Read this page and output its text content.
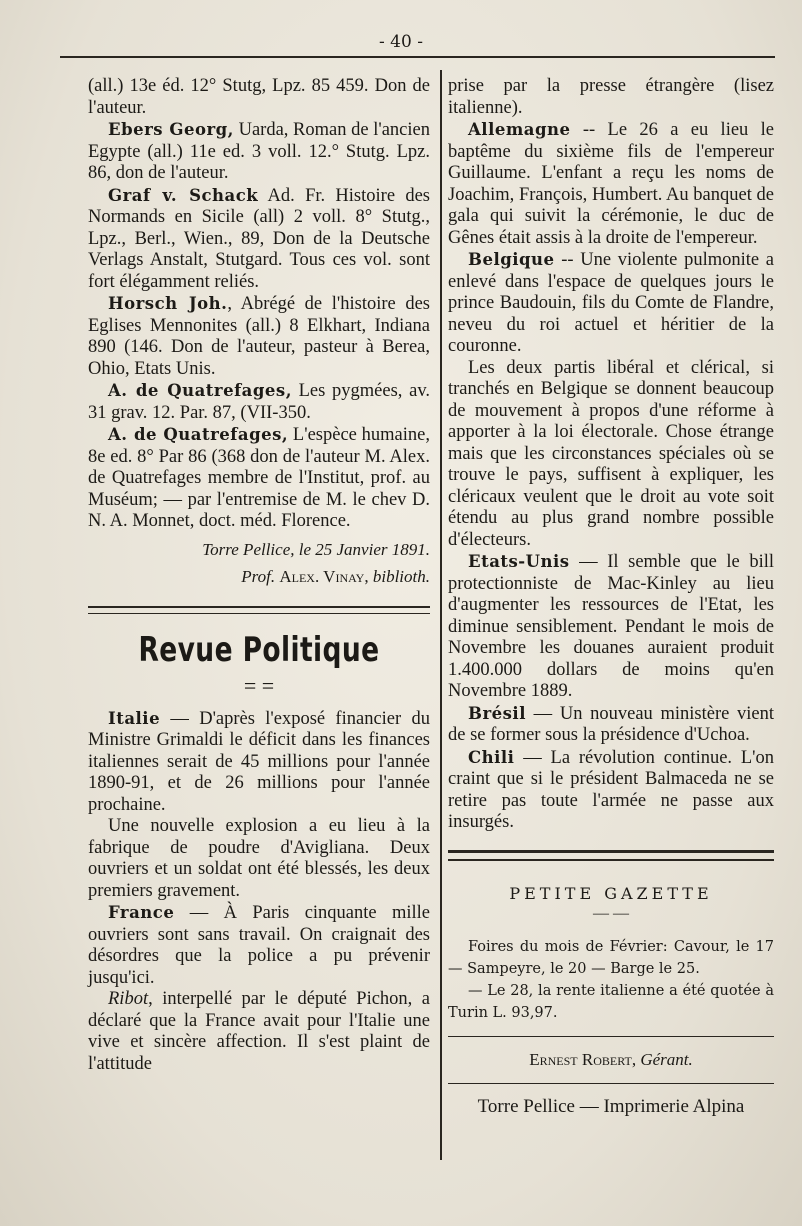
- 40 -

(all.) 13e éd. 12° Stutg, Lpz. 85 459. Don de l'auteur.

Ebers Georg, Uarda, Roman de l'ancien Egypte (all.) 11e ed. 3 voll. 12.° Stutg. Lpz. 86, don de l'auteur.

Graf v. Schack Ad. Fr. Histoire des Normands en Sicile (all) 2 voll. 8° Stutg., Lpz., Berl., Wien., 89, Don de la Deutsche Verlags Anstalt, Stutgard. Tous ces vol. sont fort élégamment reliés.

Horsch Joh., Abrégé de l'histoire des Eglises Mennonites (all.) 8 Elkhart, Indiana 890 (146. Don de l'auteur, pasteur à Berea, Ohio, Etats Unis.

A. de Quatrefages, Les pygmées, av. 31 grav. 12. Par. 87, (VII-350.

A. de Quatrefages, L'espèce humaine, 8e ed. 8° Par 86 (368 don de l'auteur M. Alex. de Quatrefages membre de l'Institut, prof. au Muséum; — par l'entremise de M. le chev D. N. A. Monnet, doct. méd. Florence.

Torre Pellice, le 25 Janvier 1891.

Prof. Alex. Vinay, biblioth.

Revue Politique
= =

Italie — D'après l'exposé financier du Ministre Grimaldi le déficit dans les finances italiennes serait de 45 millions pour l'année 1890-91, et de 26 millions pour l'année prochaine.

Une nouvelle explosion a eu lieu à la fabrique de poudre d'Avigliana. Deux ouvriers et un soldat ont été blessés, les deux premiers gravement.

France — À Paris cinquante mille ouvriers sont sans travail. On craignait des désordres que la police a pu prévenir jusqu'ici.

Ribot, interpellé par le député Pichon, a déclaré que la France avait pour l'Italie une vive et sincère affection. Il s'est plaint de l'attitude

prise par la presse étrangère (lisez italienne).

Allemagne -- Le 26 a eu lieu le baptême du sixième fils de l'empereur Guillaume. L'enfant a reçu les noms de Joachim, François, Humbert. Au banquet de gala qui suivit la cérémonie, le duc de Gênes était assis à la droite de l'empereur.

Belgique -- Une violente pulmonite a enlevé dans l'espace de quelques jours le prince Baudouin, fils du Comte de Flandre, neveu du roi actuel et héritier de la couronne.

Les deux partis libéral et clérical, si tranchés en Belgique se donnent beaucoup de mouvement à propos d'une réforme à apporter à la loi électorale. Chose étrange mais que les circonstances spéciales où se trouve le pays, suffisent à expliquer, les cléricaux veulent que le droit au vote soit étendu au plus grand nombre possible d'électeurs.

Etats-Unis — Il semble que le bill protectionniste de Mac-Kinley au lieu d'augmenter les ressources de l'Etat, les diminue sensiblement. Pendant le mois de Novembre les douanes auraient produit 1.400.000 dollars de moins qu'en Novembre 1889.

Brésil — Un nouveau ministère vient de se former sous la présidence d'Uchoa.

Chili — La révolution continue. L'on craint que si le président Balmaceda ne se retire pas toute l'armée ne passe aux insurgés.

PETITE GAZETTE
— —

Foires du mois de Février: Cavour, le 17 — Sampeyre, le 20 — Barge le 25.

— Le 28, la rente italienne a été quotée à Turin L. 93,97.

Ernest Robert, Gérant.
Torre Pellice — Imprimerie Alpina
